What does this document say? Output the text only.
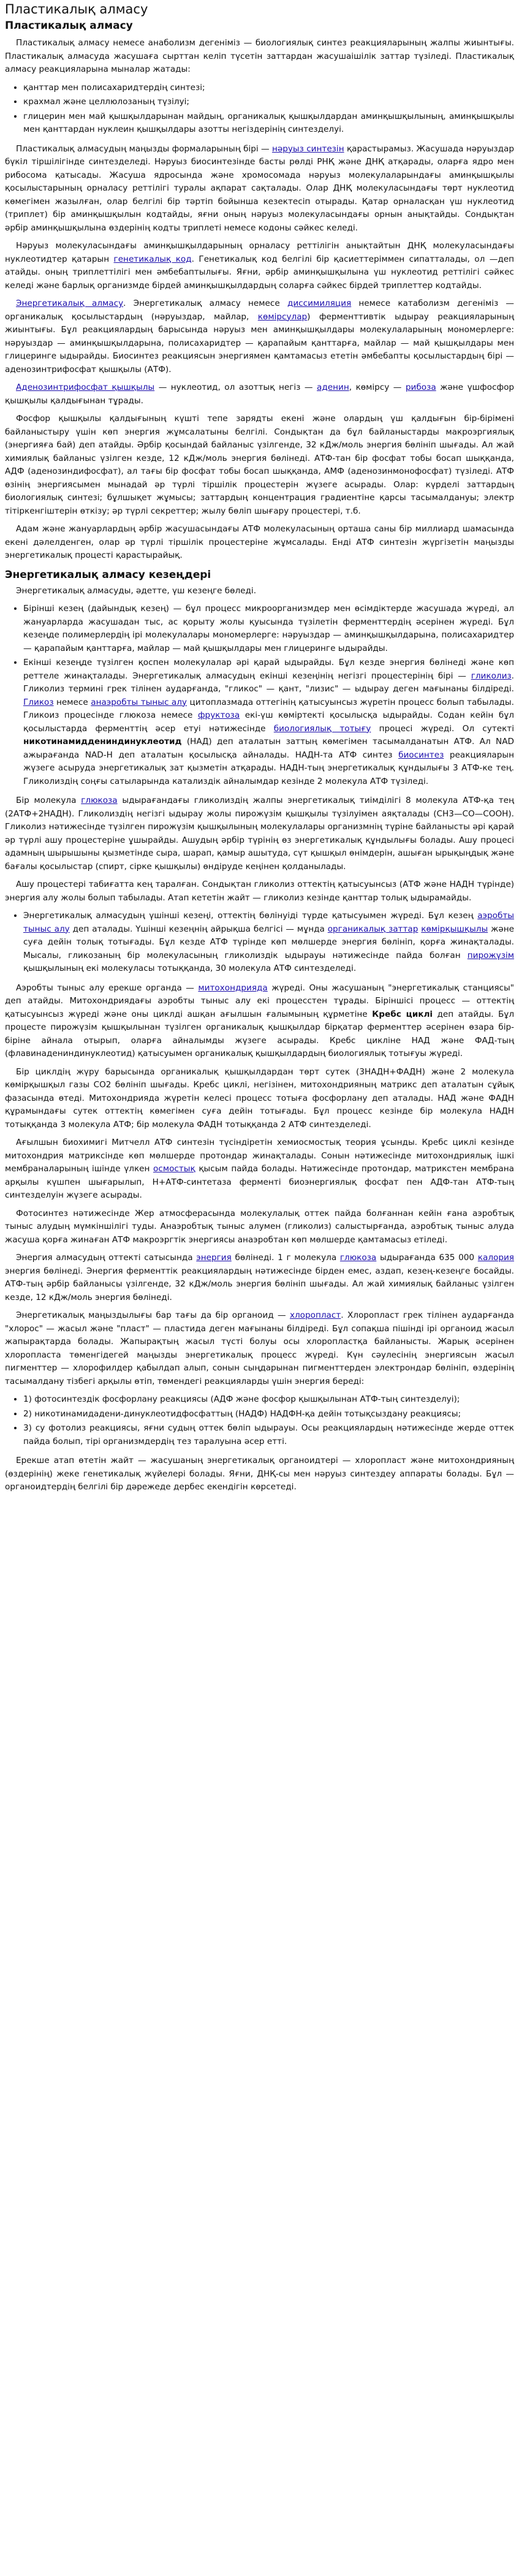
Пластикалық алмасу
Пластикалық алмасу

Пластикалық алмасу немесе анаболизм дегеніміз — биологиялық синтез реакцияларының жалпы жиынтығы. Пластикалық алмасуда жасушаға сырттан келіп түсетін заттардан жасушаішілік заттар түзіледі. Пластикалық алмасу реакцияларына мыналар жатады:

• қанттар мен полисахаридтердің синтезі;
• крахмал және целлюлозаның түзілуі;
• глицерин мен май қышқылдарынан майдың, органикалық қышқылдардан аминқышқылының, аминқышқылы мен қанттардан нуклеин қышқылдары азотты негіздерінің синтезделуі.

Пластикалық алмасудың маңызды формаларының бірі — нәруыз синтезін қарастырамыз. Жасушада нәруыздар бүкіл тіршілігінде синтезделеді. Нәруыз биосинтезінде басты рөлді РНҚ және ДНҚ атқарады, оларға ядро мен рибосома қатысады. Жасуша ядросында және хромосомада нәруыз молекулаларындағы аминқышқылы қосылыстарының орналасу реттілігі туралы ақпарат сақталады. Олар ДНҚ молекуласындағы төрт нуклеотид көмегімен жазылған, олар белгілі бір тәртіп бойынша кезектесіп отырады. Қатар орналасқан үш нуклеотид (триплет) бір аминқышқылын кодтайды, яғни оның нәруыз молекуласындағы орнын анықтайды. Сондықтан әрбір аминқышқылына өздерінің кодты триплеті немесе кодоны сәйкес келеді.

Нәруыз молекуласындағы аминқышқылдарының орналасу реттілігін анықтайтын ДНҚ молекуласындағы нуклеотидтер қатарын генетикалық код. Генетикалық код белгілі бір қасиеттеріммен сипатталады, ол —деп атайды. оның триплеттілігі мен әмбебаптылығы. Яғни, әрбір аминқышқылына үш нуклеотид реттілігі сәйкес келеді және барлық организмде бірдей аминқышқылдардың соларға сәйкес бірдей триплеттер кодтайды.

Энергетикалық алмасу. Энергетикалық алмасу немесе диссимиляция немесе катаболизм дегеніміз — органикалық қосылыстардың (нәруыздар, майлар, көмірсулар) ферменттивтік ыдырау реакцияларының жиынтығы. Бұл реакциялардың барысында нәруыз мен аминқышқылдары молекулаларының мономерлерге: нәруыздар — аминқышқылдарына, полисахаридтер — қарапайым қанттарға, майлар — май қышқылдары мен глицеринге ыдырайды. Биосинтез реакциясын энергиямен қамтамасыз ететін әмбебапты қосылыстардың бірі — аденозинтрифосфат қышқылы (АТФ).

Аденозинтрифосфат қышқылы — нуклеотид, ол азоттық негіз — аденин, көмірсу — рибоза және үшфосфор қышқылы қалдығынан тұрады.

Фосфор қышқылы қалдығының күшті тепе зарядты екені және олардың үш қалдығын бір-бірімені байланыстыру үшін көп энергия жұмсалатыны белгілі. Сондықтан да бұл байланыстарды макроэргиялық (энергияға бай) деп атайды. Әрбір қосындай байланыс үзілгенде, 32 кДж/моль энергия бөлініп шығады. Ал жай химиялық байланыс үзілген кезде, 12 кДж/моль энергия бөлінеді. АТФ-тан бір фосфат тобы босап шыққанда, АДФ (аденозиндифосфат), ал тағы бір фосфат тобы босап шыққанда, АМФ (аденозинмонофосфат) түзіледі. АТФ өзінің энергиясымен мынадай әр түрлі тіршілік процестерін жүзеге асырады. Олар: күрделі заттардың биологиялық синтезі; бұлшықет жұмысы; заттардың концентрация градиентіне қарсы тасымалдануы; электр тітіркенгіштерін өткізу; әр түрлі секреттер; жылу бөліп шығару процестері, т.б.

Адам және жануарлардың әрбір жасушасындағы АТФ молекуласының орташа саны бір миллиард шамасында екені дәлелденген, олар әр түрлі тіршілік процестеріне жұмсалады. Енді АТФ синтезін жүргізетін маңызды энергетикалық процесті қарастырайық.

Энергетикалық алмасу кезеңдері

Энергетикалық алмасуды, әдетте, үш кезеңге бөледі.

• Бірінші кезең (дайындық кезең) — бұл процесс микроорганизмдер мен өсімдіктерде жасушада жүреді, ал жануарларда жасушадан тыс, ас қорыту жолы қуысында түзілетін ферменттердің әсерінен жүреді. Бұл кезеңде полимерлердің ірі молекулалары мономерлерге: нәруыздар — аминқышқылдарына, полисахаридтер — қарапайым қанттарға, майлар — май қышқылдары мен глицеринге ыдырайды.
• Екінші кезеңде түзілген қоспен молекулалар әрі қарай ыдырайды. Бұл кезде энергия бөлінеді және көп реттеле жинақталады. Энергетикалық алмасудың екінші кезеңінің негізгі процестерінің бірі — гликолиз. Гликолиз термині грек тілінен аударғанда, "гликос" — қант, "лизис" — ыдырау деген мағынаны білдіреді. Гликоз немесе анаэробты тыныс алу цитоплазмада оттегінің қатысуынсыз жүретін процесс болып табылады. Гликоиз процесінде глюкоза немесе фруктоза екі-үш көміртекті қосылысқа ыдырайды. Содан кейін бұл қосылыстарда ферменттің әсер етуі нәтижесінде биологиялық тотығу процесі жүреді. Ол сутекті никотинамиддениндинуклеотид (НАД) деп аталатын заттың көмегімен тасымалданатын АТФ. Ал NAD ажырағанда NAD-Н деп аталатын қосылысқа айналады. НАДН-та АТФ синтез биосинтез реакцияларын жүзеге асыруда энергетикалық зат қызметін атқарады. НАДН-тың энергетикалық құндылығы 3 АТФ-ке тең. Гликолиздің соңғы сатыларында катализдік айналымдар кезінде 2 молекула АТФ түзіледі.

Бір молекула глюкоза ыдырағандағы гликолиздің жалпы энергетикалық тиімділігі 8 молекула АТФ-қа тең (2АТФ+2НАДН). Гликолиздің негізгі ыдырау жолы пирожүзім қышқылы түзілуімен аяқталады (СН3—СО—СООН). Гликолиз нәтижесінде түзілген пирожүзім қышқылының молекулалары организмнің түріне байланысты әрі қарай әр түрлі ашу процестеріне ұшырайды. Ашудың әрбір түрінің өз энергетикалық құндылығы болады. Ашу процесі адамның шырышыны қызметінде сыра, шарап, қамыр ашытуда, сүт қышқыл өнімдерін, ашыған ырықыңдық және бағалы қосылыстар (спирт, сірке қышқылы) өндіруде кеңінен қолданылады.

Ашу процестері табиғатта кең таралған. Сондықтан гликолиз оттектің қатысуынсыз (АТФ және НАДН түрінде) энергия алу жолы болып табылады. Атап кететін жайт — гликолиз кезінде қанттар толық ыдырамайды.

• Энергетикалық алмасудың үшінші кезеңі, оттектің бөлінуіді түрде қатысуымен жүреді. Бұл кезең аэробты тыныс алу деп аталады. Үшінші кезеңнің айрықша белгісі — мұнда органикалық заттар көмірқышқылы және суға дейін толық тотығады. Бұл кезде АТФ түрінде көп мөлшерде энергия бөлініп, қорға жинақталады. Мысалы, гликозаның бір молекуласының гликолиздік ыдырауы нәтижесінде пайда болған пирожүзім қышқылының екі молекуласы тотыққанда, 30 молекула АТФ синтезделеді.

Аэробты тыныс алу ерекше органда — митохондрияда жүреді. Оны жасушаның "энергетикалық станциясы" деп атайды. Митохондриядағы аэробты тыныс алу екі процесстен тұрады. Біріншісі процесс — оттектің қатысуынсыз жүреді және оны циклді ашқан ағылшын ғалымының құрметіне Кребс циклі деп атайды. Бұл процесте пирожүзім қышқылынан түзілген органикалық қышқылдар бірқатар ферменттер әсерінен өзара бір-біріне айнала отырып, оларға айналымды жүзеге асырады. Кребс цикліне НАД және ФАД-тың (флавинадениндинуклеотид) қатысуымен органикалық қышқылдардың биологиялық тотығуы жүреді.

Бір циклдің жүру барысында органикалық қышқылдардан төрт сутек (3НАДН+ФАДН) және 2 молекула көмірқышқыл газы СО2 бөлініп шығады. Кребс циклі, негізінен, митохондрияның матрикс деп аталатын сұйық фазасында өтеді. Митохондрияда жүретін келесі процесс тотыға фосфорлану деп аталады. НАД және ФАДН құрамындағы сутек оттектің көмегімен суға дейін тотығады. Бұл процесс кезінде бір молекула НАДН тотыққанда 3 молекула АТФ; бір молекула ФАДН тотыққанда 2 АТФ синтезделеді.

Ағылшын биохимигі Митчелл АТФ синтезін түсіндіретін хемиосмостық теория ұсынды. Кребс циклі кезінде митохондрия матриксінде көп мөлшерде протондар жинақталады. Сонын нәтижесінде митохондриялық ішкі мембраналарының ішінде үлкен осмостық қысым пайда болады. Нәтижесінде протондар, матрикстен мембрана арқылы күшпен шығарылып, Н+АТФ-синтетаза ферменті биоэнергиялық фосфат пен АДФ-тан АТФ-тың синтезделуін жүзеге асырады.

Фотосинтез нәтижесінде Жер атмосферасында молекулалық оттек пайда болғаннан кейін ғана аэробтық тыныс алудың мүмкіншілігі туды. Анаэробтық тыныс алумен (гликолиз) салыстырғанда, аэробтық тыныс алуда жасуша қорға жинаған АТФ макроэргтік энергиясы анаэробтан көп мөлшерде қамтамасыз етіледі.

Энергия алмасудың оттекті сатысында энергия бөлінеді. 1 г молекула глюкоза ыдырағанда 635 000 калория энергия бөлінеді. Энергия ферменттік реакциялардың нәтижесінде бірден емес, аздап, кезең-кезеңге босайды. АТФ-тың әрбір байланысы үзілгенде, 32 кДж/моль энергия бөлініп шығады. Ал жай химиялық байланыс үзілген кезде, 12 кДж/моль энергия бөлінеді.

Энергетикалық маңыздылығы бар тағы да бір органоид — хлоропласт. Хлоропласт грек тілінен аударғанда "хлорос" — жасыл және "пласт" — пластида деген мағынаны білдіреді. Бұл сопақша пішінді ірі органоид жасыл жапырақтарда болады. Жапырақтың жасыл түсті болуы осы хлоропластқа байланысты. Жарық әсерінен хлоропласта төменгідегей маңызды энергетикалық процесс жүреді. Күн сәулесінің энергиясын жасыл пигменттер — хлорофилдер қабылдап алып, сонын сыңдарынан пигменттерден электрондар бөлініп, өздерінің тасымалдану тізбегі арқылы өтіп, төмендегі реакцияларды үшін энергия береді:

• 1) фотосинтездік фосфорлану реакциясы (АДФ және фосфор қышқылынан АТФ-тың синтезделуі);
• 2) никотинамидадени-динуклеотидфосфаттың (НАДФ) НАДФН-қа дейін тотықсыздану реакциясы;
• 3) су фотолиз реакциясы, яғни судың оттек бөліп ыдырауы. Осы реакциялардың нәтижесінде жерде оттек пайда болып, тірі организмдердің тез таралуына әсер етті.

Ерекше атап өтетін жайт — жасушаның энергетикалық органоидтері — хлоропласт және митохондрияның (өздерінің) жеке генетикалық жүйелері болады. Яғни, ДНҚ-сы мен нәруыз синтездеу аппараты болады. Бұл — органоидтердің белгілі бір дәрежеде дербес екендігін көрсетеді.
